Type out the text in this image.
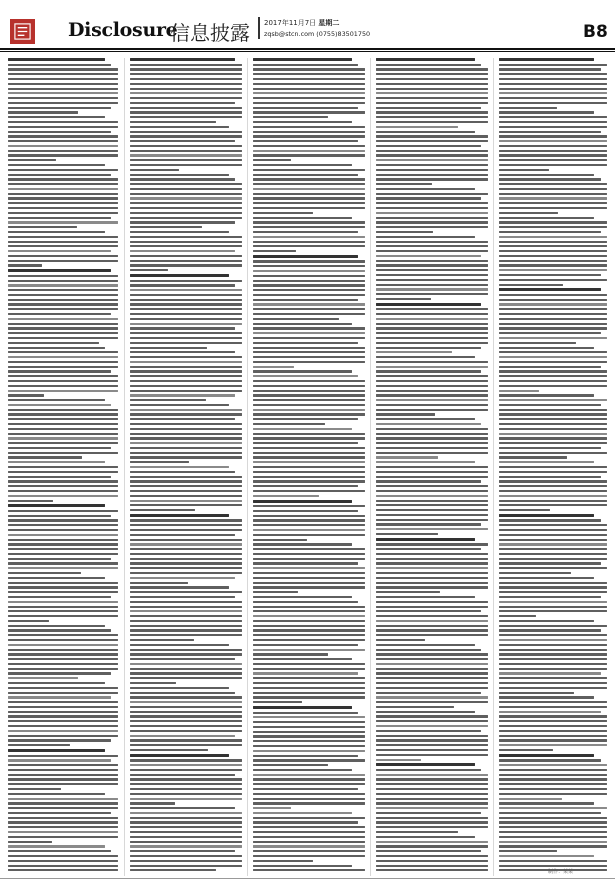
Disclosure
信息披露 2017年11月7日 星期二
zqsb@stcn.com (0755)83501750	B8
制作：某某
